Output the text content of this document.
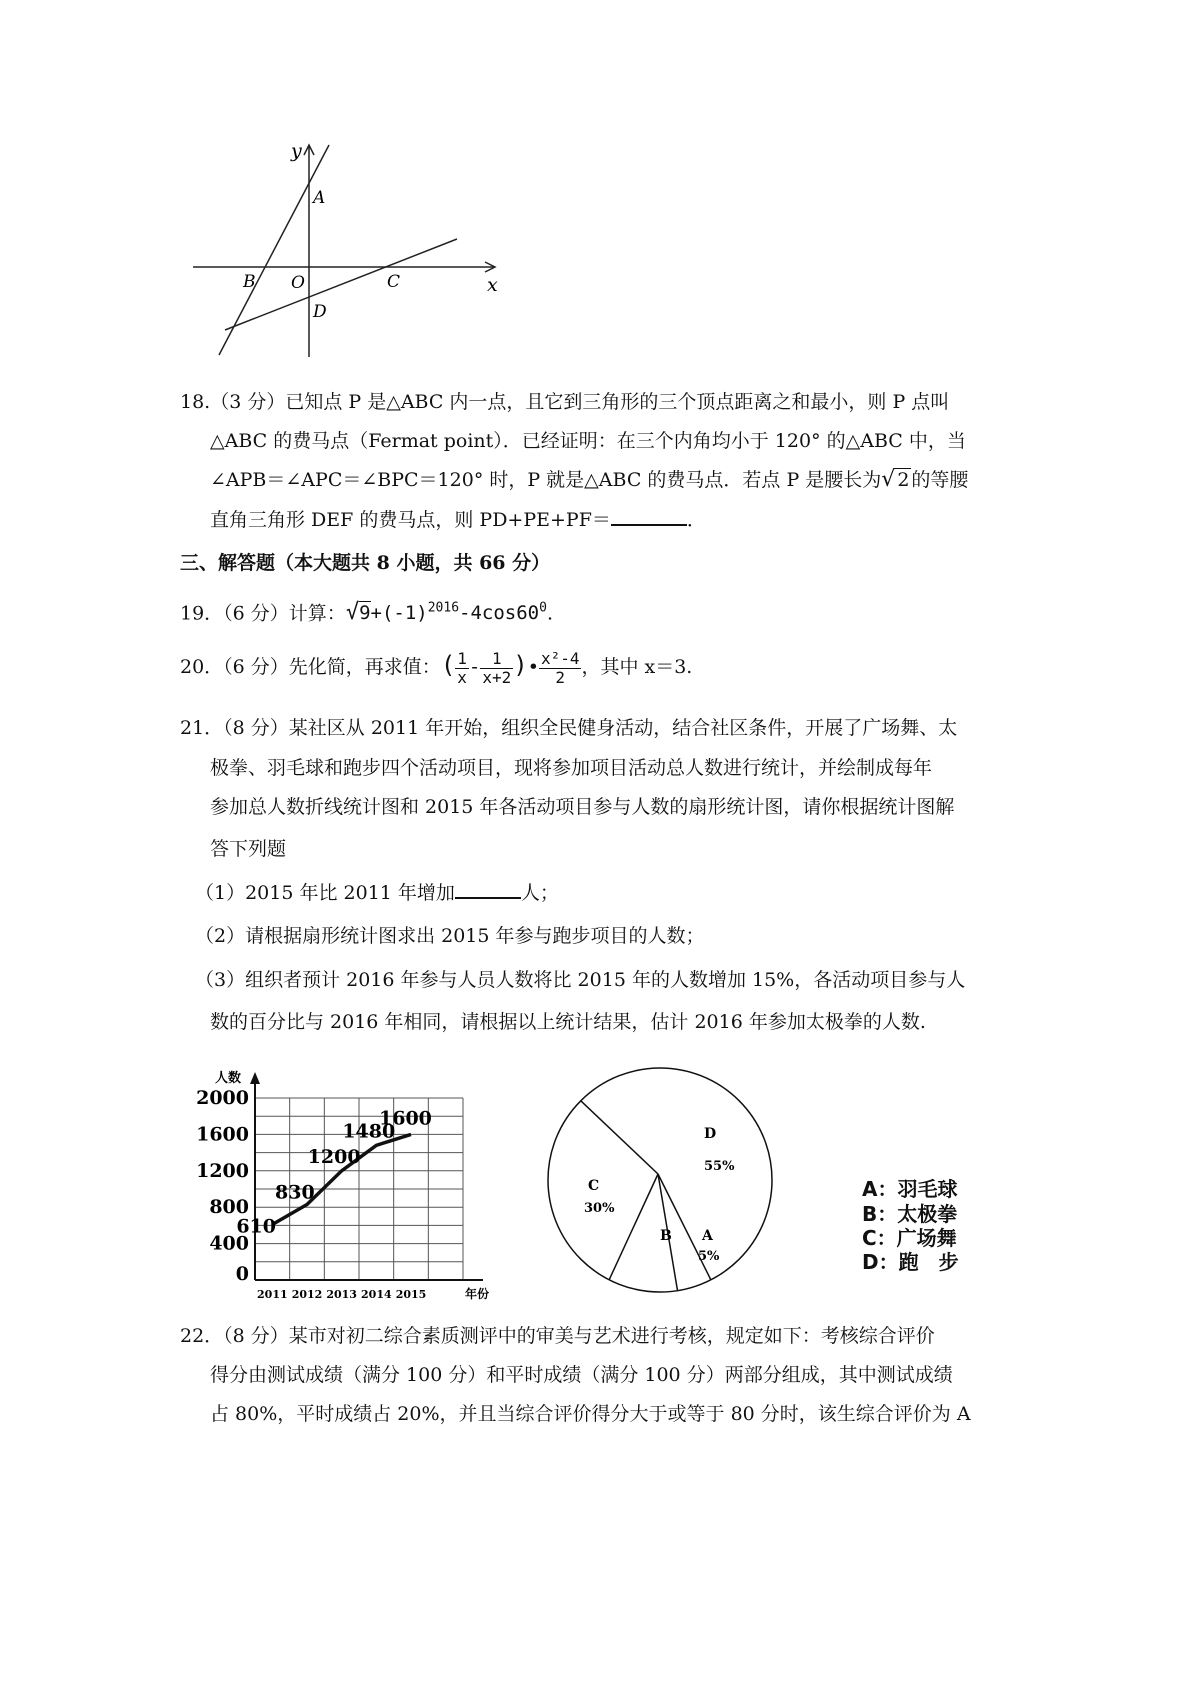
y
x
A
B O	C
D
18.（3 分）已知点 P 是△ABC 内一点，且它到三角形的三个顶点距离之和最小，则 P 点叫
△ABC 的费马点（Fermat point）．已经证明：在三个内角均小于 120° 的△ABC 中，当
∠APB＝∠APC＝∠BPC＝120° 时，P 就是△ABC 的费马点．若点 P 是腰长为√ 2 的等腰
直角三角形 DEF 的费马点，则 PD+PE+PF＝	．
三、解答题（本大题共 8 小题，共 66 分）
19．（6 分）计算：$√9+(-1)^{2016}-4\cos 60^0$.
20．（6 分）先化简，再求值：( $\frac{1}{x} - \frac{1}{x+2}$ )• $\frac{\text{x²-4}}{2}$ ，其中 x＝3.
21．（8 分）某社区从 2011 年开始，组织全民健身活动，结合社区条件，开展了广场舞、太
极拳、羽毛球和跑步四个活动项目，现将参加项目活动总人数进行统计，并绘制成每年
参加总人数折线统计图和 2015 年各活动项目参与人数的扇形统计图，请你根据统计图解
答下列题
（1）2015 年比 2011 年增加	人；
（2）请根据扇形统计图求出 2015 年参与跑步项目的人数；
（3）组织者预计 2016 年参与人员人数将比 2015 年的人数增加 15%，各活动项目参与人
数的百分比与 2016 年相同，请根据以上统计结果，估计 2016 年参加太极拳的人数.
人数
年份
0
400
800
1200
1600
2000
2011 2012 2013 2014 2015
610
830
1200
1480
1600
A
5%
B
C
30%
D
55%
A：羽毛球
B：太极拳
C：广场舞
D：跑　步
22．（8 分）某市对初二综合素质测评中的审美与艺术进行考核，规定如下：考核综合评价
得分由测试成绩（满分 100 分）和平时成绩（满分 100 分）两部分组成，其中测试成绩
占 80%，平时成绩占 20%，并且当综合评价得分大于或等于 80 分时，该生综合评价为 A
